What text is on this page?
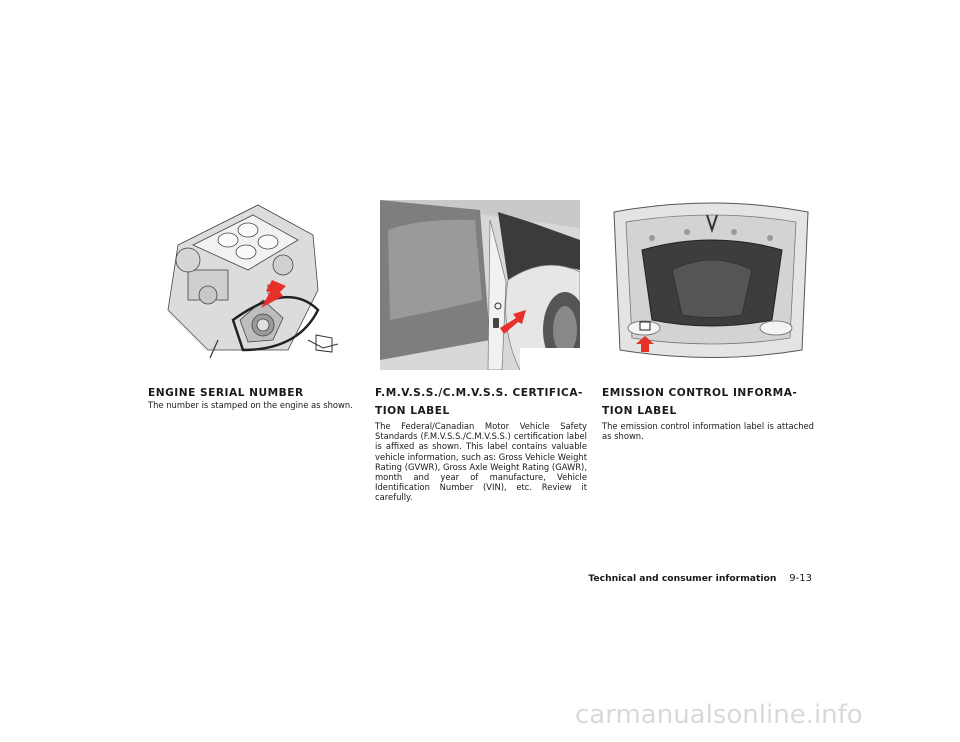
ENGINE SERIAL NUMBER

The number is stamped on the engine as shown.

F.M.V.S.S./C.M.V.S.S. CERTIFICA-

TION LABEL

The Federal/Canadian Motor Vehicle Safety Standards (F.M.V.S.S./C.M.V.S.S.) certification label is affixed as shown. This label contains valuable vehicle information, such as: Gross Vehicle Weight Rating (GVWR), Gross Axle Weight Rating (GAWR), month and year of manufacture, Vehicle Identification Number (VIN), etc. Review it carefully.

EMISSION CONTROL INFORMA-

TION LABEL

The emission control information label is attached as shown.

Technical and consumer information 9-13
carmanualsonline.info
